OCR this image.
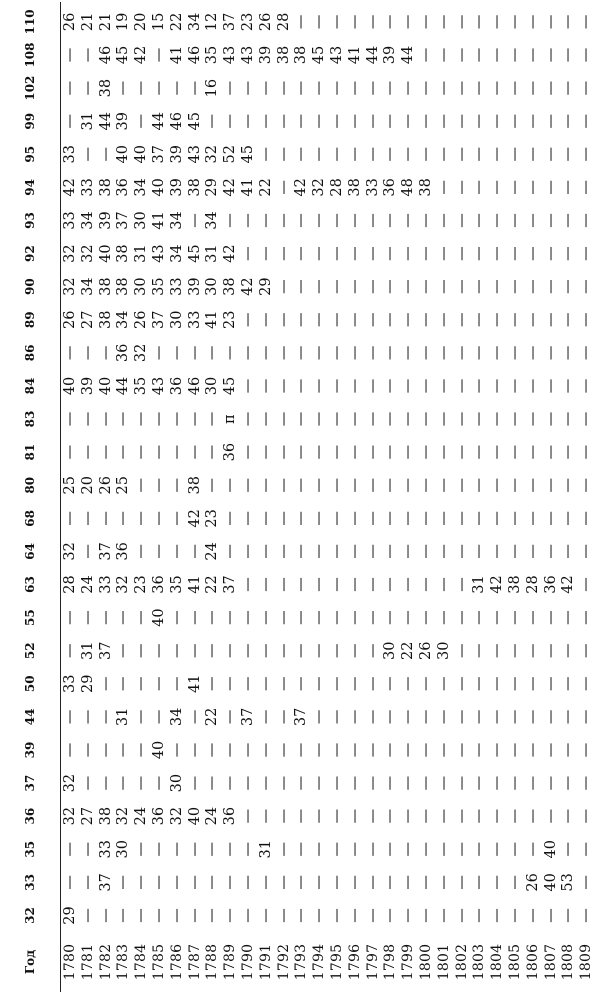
Год	32	33	35	36	37	39	44	50	52	55	63	64	68	80	81	83	84	86	89	90	92	93	94	95	99	102	108	110
1780	29	—	—	32	32	—	—	33	—	—	28	32	—	25	—	—	40	—	26	32	32	33	42	33	—	—	—	26
1781	—	—	—	27	—	—	—	29	31	—	24	—	—	20	—	—	39	—	27	34	32	34	33	—	31	—	—	21
1782	—	37	33	38	—	—	—	—	37	—	33	37	—	26	—	—	40	—	38	38	40	39	38	—	44	38	46	21
1783	—	—	30	32	—	—	31	—	—	—	32	36	—	25	—	—	44	36	34	38	38	37	36	40	39	—	45	19
1784	—	—	—	24	—	—	—	—	—	—	23	—	—	—	—	—	35	32	26	30	31	30	34	40	—	—	42	20
1785	—	—	—	36	—	40	—	—	—	40	36	—	—	—	—	—	43	—	37	35	43	41	40	37	44	—	—	15
1786	—	—	—	32	30	—	34	—	—	—	35	—	—	—	—	—	36	—	30	33	34	34	39	39	46	—	41	22
1787	—	—	—	40	—	—	—	41	—	—	41	—	42	38	—	—	46	—	33	39	45	—	38	43	45	—	46	34
1788	—	—	—	24	—	—	22	—	—	—	22	24	23	—	—	—	30	—	41	30	31	34	29	32	—	16	35	12
1789	—	—	—	36	—	—	—	—	—	—	37	—	—	—	36	п	45	—	23	38	42	—	42	52	—	—	43	37
1790	—	—	—	—	—	—	37	—	—	—	—	—	—	—	—	—	—	—	—	42	—	—	41	45	—	—	43	23
1791	—	—	31	—	—	—	—	—	—	—	—	—	—	—	—	—	—	—	—	29	—	—	22	—	—	—	39	26
1792	—	—	—	—	—	—	—	—	—	—	—	—	—	—	—	—	—	—	—	—	—	—	—	—	—	—	38	28
1793	—	—	—	—	—	—	37	—	—	—	—	—	—	—	—	—	—	—	—	—	—	—	42	—	—	—	38	—
1794	—	—	—	—	—	—	—	—	—	—	—	—	—	—	—	—	—	—	—	—	—	—	32	—	—	—	45	—
1795	—	—	—	—	—	—	—	—	—	—	—	—	—	—	—	—	—	—	—	—	—	—	28	—	—	—	43	—
1796	—	—	—	—	—	—	—	—	—	—	—	—	—	—	—	—	—	—	—	—	—	—	38	—	—	—	41	—
1797	—	—	—	—	—	—	—	—	—	—	—	—	—	—	—	—	—	—	—	—	—	—	33	—	—	—	44	—
1798	—	—	—	—	—	—	—	—	30	—	—	—	—	—	—	—	—	—	—	—	—	—	36	—	—	—	39	—
1799	—	—	—	—	—	—	—	—	22	—	—	—	—	—	—	—	—	—	—	—	—	—	48	—	—	—	44	—
1800	—	—	—	—	—	—	—	—	26	—	—	—	—	—	—	—	—	—	—	—	—	—	38	—	—	—	—	—
1801	—	—	—	—	—	—	—	—	30	—	—	—	—	—	—	—	—	—	—	—	—	—	—	—	—	—	—	—
1802	—	—	—	—	—	—	—	—	—	—	—	—	—	—	—	—	—	—	—	—	—	—	—	—	—	—	—	—
1803	—	—	—	—	—	—	—	—	—	—	31	—	—	—	—	—	—	—	—	—	—	—	—	—	—	—	—	—
1804	—	—	—	—	—	—	—	—	—	—	42	—	—	—	—	—	—	—	—	—	—	—	—	—	—	—	—	—
1805	—	—	—	—	—	—	—	—	—	—	38	—	—	—	—	—	—	—	—	—	—	—	—	—	—	—	—	—
1806	—	26	—	—	—	—	—	—	—	—	28	—	—	—	—	—	—	—	—	—	—	—	—	—	—	—	—	—
1807	—	40	40	—	—	—	—	—	—	—	36	—	—	—	—	—	—	—	—	—	—	—	—	—	—	—	—	—
1808	—	53	—	—	—	—	—	—	—	—	42	—	—	—	—	—	—	—	—	—	—	—	—	—	—	—	—	—
1809	—	—	—	—	—	—	—	—	—	—	—	—	—	—	—	—	—	—	—	—	—	—	—	—	—	—	—	—
